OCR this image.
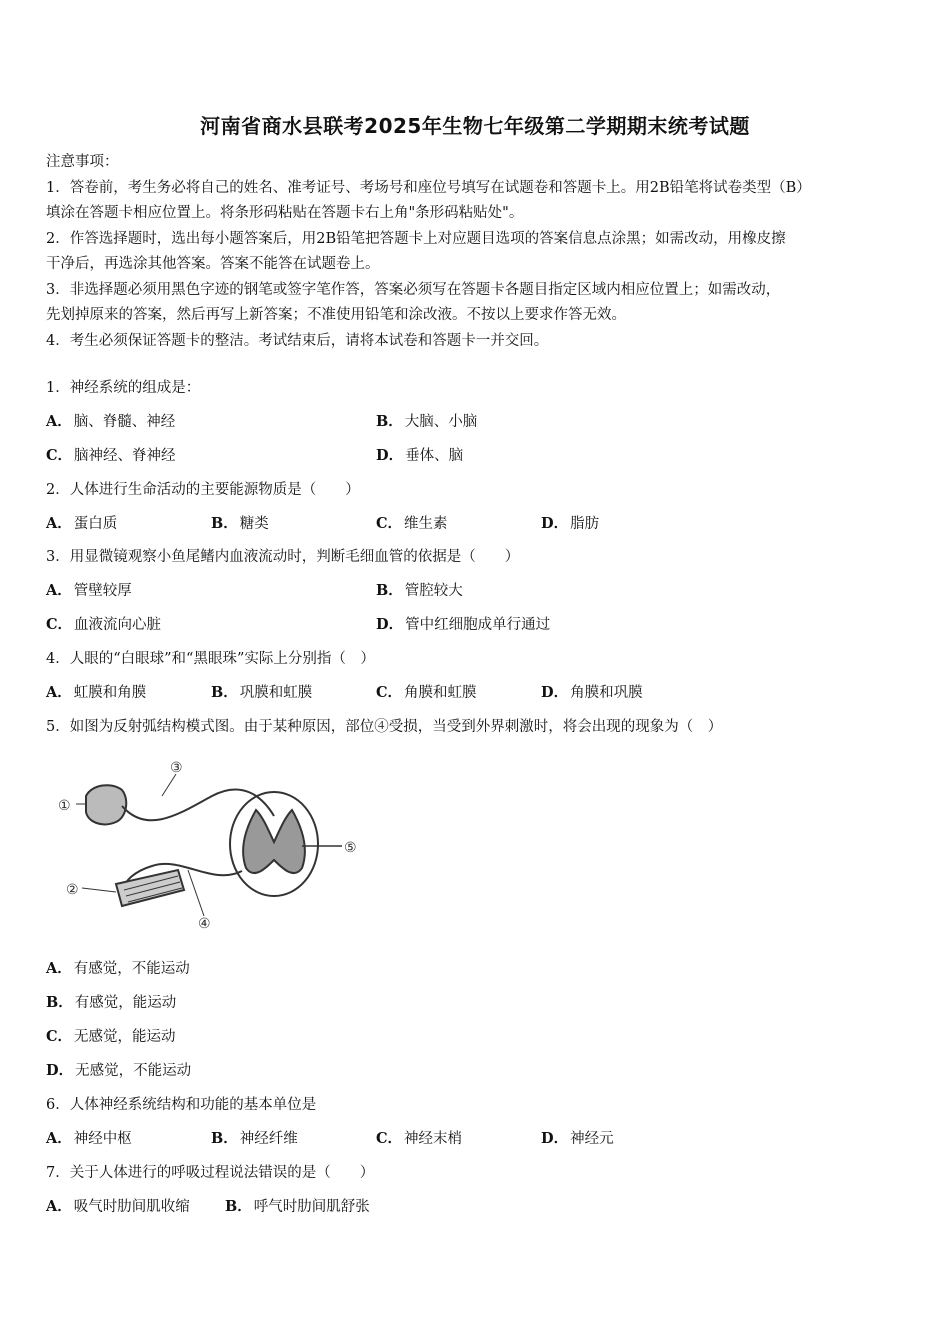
河南省商水县联考2025年生物七年级第二学期期末统考试题
注意事项：
1．答卷前，考生务必将自己的姓名、准考证号、考场号和座位号填写在试题卷和答题卡上。用2B铅笔将试卷类型（B）
填涂在答题卡相应位置上。将条形码粘贴在答题卡右上角"条形码粘贴处"。
2．作答选择题时，选出每小题答案后，用2B铅笔把答题卡上对应题目选项的答案信息点涂黑；如需改动，用橡皮擦
干净后，再选涂其他答案。答案不能答在试题卷上。
3．非选择题必须用黑色字迹的钢笔或签字笔作答，答案必须写在答题卡各题目指定区域内相应位置上；如需改动，
先划掉原来的答案，然后再写上新答案；不准使用铅笔和涂改液。不按以上要求作答无效。
4．考生必须保证答题卡的整洁。考试结束后，请将本试卷和答题卡一并交回。
1．神经系统的组成是：
A． 脑、脊髓、神经	B． 大脑、小脑
C． 脑神经、脊神经	D． 垂体、脑
2．人体进行生命活动的主要能源物质是（　　）
A． 蛋白质	B． 糖类	C． 维生素	D． 脂肪
3．用显微镜观察小鱼尾鳍内血液流动时，判断毛细血管的依据是（　　）
A． 管壁较厚	B． 管腔较大
C． 血液流向心脏	D． 管中红细胞成单行通过
4．人眼的“白眼球”和“黑眼珠”实际上分别指（　）
A． 虹膜和角膜	B． 巩膜和虹膜	C． 角膜和虹膜	D． 角膜和巩膜
5．如图为反射弧结构模式图。由于某种原因，部位④受损，当受到外界刺激时，将会出现的现象为（　）
①
②
③
④
⑤
A． 有感觉，不能运动
B． 有感觉，能运动
C． 无感觉，能运动
D． 无感觉，不能运动
6．人体神经系统结构和功能的基本单位是
A． 神经中枢	B． 神经纤维	C． 神经末梢	D． 神经元
7．关于人体进行的呼吸过程说法错误的是（　　）
A． 吸气时肋间肌收缩 B． 呼气时肋间肌舒张
